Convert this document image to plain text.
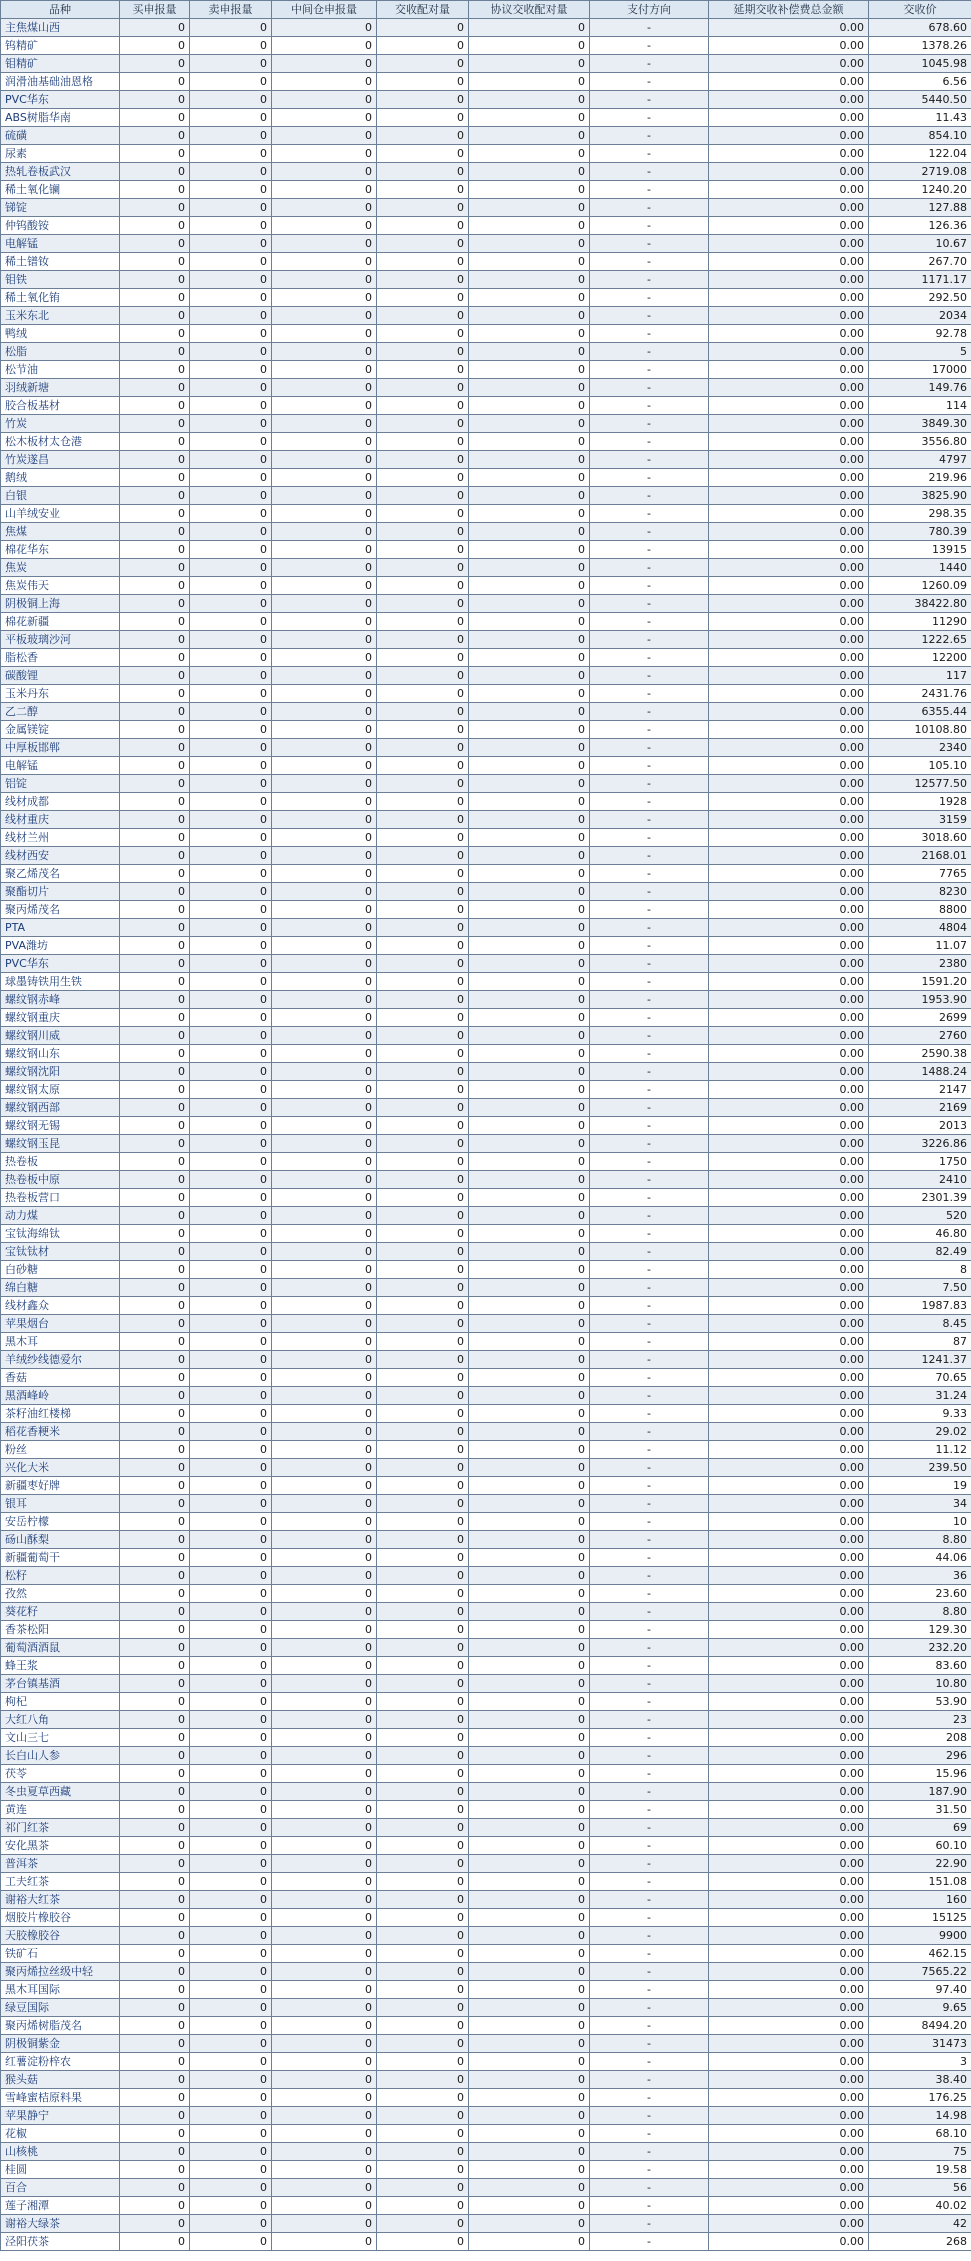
品种	买申报量	卖申报量	中间仓申报量	交收配对量	协议交收配对量	支付方向	延期交收补偿费总金额	交收价
主焦煤山西	0	0	0	0	0	-	0.00	678.60
钨精矿	0	0	0	0	0	-	0.00	1378.26
钼精矿	0	0	0	0	0	-	0.00	1045.98
润滑油基础油恩格	0	0	0	0	0	-	0.00	6.56
PVC华东	0	0	0	0	0	-	0.00	5440.50
ABS树脂华南	0	0	0	0	0	-	0.00	11.43
硫磺	0	0	0	0	0	-	0.00	854.10
尿素	0	0	0	0	0	-	0.00	122.04
热轧卷板武汉	0	0	0	0	0	-	0.00	2719.08
稀土氧化镧	0	0	0	0	0	-	0.00	1240.20
锑锭	0	0	0	0	0	-	0.00	127.88
仲钨酸铵	0	0	0	0	0	-	0.00	126.36
电解锰	0	0	0	0	0	-	0.00	10.67
稀土镨钕	0	0	0	0	0	-	0.00	267.70
钼铁	0	0	0	0	0	-	0.00	1171.17
稀土氧化铕	0	0	0	0	0	-	0.00	292.50
玉米东北	0	0	0	0	0	-	0.00	2034
鸭绒	0	0	0	0	0	-	0.00	92.78
松脂	0	0	0	0	0	-	0.00	5
松节油	0	0	0	0	0	-	0.00	17000
羽绒新塘	0	0	0	0	0	-	0.00	149.76
胶合板基材	0	0	0	0	0	-	0.00	114
竹炭	0	0	0	0	0	-	0.00	3849.30
松木板材太仓港	0	0	0	0	0	-	0.00	3556.80
竹炭遂昌	0	0	0	0	0	-	0.00	4797
鹅绒	0	0	0	0	0	-	0.00	219.96
白银	0	0	0	0	0	-	0.00	3825.90
山羊绒安业	0	0	0	0	0	-	0.00	298.35
焦煤	0	0	0	0	0	-	0.00	780.39
棉花华东	0	0	0	0	0	-	0.00	13915
焦炭	0	0	0	0	0	-	0.00	1440
焦炭伟天	0	0	0	0	0	-	0.00	1260.09
阴极铜上海	0	0	0	0	0	-	0.00	38422.80
棉花新疆	0	0	0	0	0	-	0.00	11290
平板玻璃沙河	0	0	0	0	0	-	0.00	1222.65
脂松香	0	0	0	0	0	-	0.00	12200
碳酸锂	0	0	0	0	0	-	0.00	117
玉米丹东	0	0	0	0	0	-	0.00	2431.76
乙二醇	0	0	0	0	0	-	0.00	6355.44
金属镁锭	0	0	0	0	0	-	0.00	10108.80
中厚板邯郸	0	0	0	0	0	-	0.00	2340
电解锰	0	0	0	0	0	-	0.00	105.10
铝锭	0	0	0	0	0	-	0.00	12577.50
线材成都	0	0	0	0	0	-	0.00	1928
线材重庆	0	0	0	0	0	-	0.00	3159
线材兰州	0	0	0	0	0	-	0.00	3018.60
线材西安	0	0	0	0	0	-	0.00	2168.01
聚乙烯茂名	0	0	0	0	0	-	0.00	7765
聚酯切片	0	0	0	0	0	-	0.00	8230
聚丙烯茂名	0	0	0	0	0	-	0.00	8800
PTA	0	0	0	0	0	-	0.00	4804
PVA潍坊	0	0	0	0	0	-	0.00	11.07
PVC华东	0	0	0	0	0	-	0.00	2380
球墨铸铁用生铁	0	0	0	0	0	-	0.00	1591.20
螺纹钢赤峰	0	0	0	0	0	-	0.00	1953.90
螺纹钢重庆	0	0	0	0	0	-	0.00	2699
螺纹钢川威	0	0	0	0	0	-	0.00	2760
螺纹钢山东	0	0	0	0	0	-	0.00	2590.38
螺纹钢沈阳	0	0	0	0	0	-	0.00	1488.24
螺纹钢太原	0	0	0	0	0	-	0.00	2147
螺纹钢西部	0	0	0	0	0	-	0.00	2169
螺纹钢无锡	0	0	0	0	0	-	0.00	2013
螺纹钢玉昆	0	0	0	0	0	-	0.00	3226.86
热卷板	0	0	0	0	0	-	0.00	1750
热卷板中原	0	0	0	0	0	-	0.00	2410
热卷板营口	0	0	0	0	0	-	0.00	2301.39
动力煤	0	0	0	0	0	-	0.00	520
宝钛海绵钛	0	0	0	0	0	-	0.00	46.80
宝钛钛材	0	0	0	0	0	-	0.00	82.49
白砂糖	0	0	0	0	0	-	0.00	8
绵白糖	0	0	0	0	0	-	0.00	7.50
线材鑫众	0	0	0	0	0	-	0.00	1987.83
苹果烟台	0	0	0	0	0	-	0.00	8.45
黑木耳	0	0	0	0	0	-	0.00	87
羊绒纱线德爱尔	0	0	0	0	0	-	0.00	1241.37
香菇	0	0	0	0	0	-	0.00	70.65
黑酒峰岭	0	0	0	0	0	-	0.00	31.24
茶籽油红楼梯	0	0	0	0	0	-	0.00	9.33
稻花香粳米	0	0	0	0	0	-	0.00	29.02
粉丝	0	0	0	0	0	-	0.00	11.12
兴化大米	0	0	0	0	0	-	0.00	239.50
新疆枣好牌	0	0	0	0	0	-	0.00	19
银耳	0	0	0	0	0	-	0.00	34
安岳柠檬	0	0	0	0	0	-	0.00	10
砀山酥梨	0	0	0	0	0	-	0.00	8.80
新疆葡萄干	0	0	0	0	0	-	0.00	44.06
松籽	0	0	0	0	0	-	0.00	36
孜然	0	0	0	0	0	-	0.00	23.60
葵花籽	0	0	0	0	0	-	0.00	8.80
香茶松阳	0	0	0	0	0	-	0.00	129.30
葡萄酒酒鼠	0	0	0	0	0	-	0.00	232.20
蜂王浆	0	0	0	0	0	-	0.00	83.60
茅台镇基酒	0	0	0	0	0	-	0.00	10.80
枸杞	0	0	0	0	0	-	0.00	53.90
大红八角	0	0	0	0	0	-	0.00	23
文山三七	0	0	0	0	0	-	0.00	208
长白山人参	0	0	0	0	0	-	0.00	296
茯苓	0	0	0	0	0	-	0.00	15.96
冬虫夏草西藏	0	0	0	0	0	-	0.00	187.90
黄连	0	0	0	0	0	-	0.00	31.50
祁门红茶	0	0	0	0	0	-	0.00	69
安化黑茶	0	0	0	0	0	-	0.00	60.10
普洱茶	0	0	0	0	0	-	0.00	22.90
工夫红茶	0	0	0	0	0	-	0.00	151.08
谢裕大红茶	0	0	0	0	0	-	0.00	160
烟胶片橡胶谷	0	0	0	0	0	-	0.00	15125
天胶橡胶谷	0	0	0	0	0	-	0.00	9900
铁矿石	0	0	0	0	0	-	0.00	462.15
聚丙烯拉丝级中轻	0	0	0	0	0	-	0.00	7565.22
黑木耳国际	0	0	0	0	0	-	0.00	97.40
绿豆国际	0	0	0	0	0	-	0.00	9.65
聚丙烯树脂茂名	0	0	0	0	0	-	0.00	8494.20
阴极铜紫金	0	0	0	0	0	-	0.00	31473
红薯淀粉梓农	0	0	0	0	0	-	0.00	3
猴头菇	0	0	0	0	0	-	0.00	38.40
雪峰蜜桔原料果	0	0	0	0	0	-	0.00	176.25
苹果静宁	0	0	0	0	0	-	0.00	14.98
花椒	0	0	0	0	0	-	0.00	68.10
山核桃	0	0	0	0	0	-	0.00	75
桂圆	0	0	0	0	0	-	0.00	19.58
百合	0	0	0	0	0	-	0.00	56
莲子湘潭	0	0	0	0	0	-	0.00	40.02
谢裕大绿茶	0	0	0	0	0	-	0.00	42
泾阳茯茶	0	0	0	0	0	-	0.00	268
